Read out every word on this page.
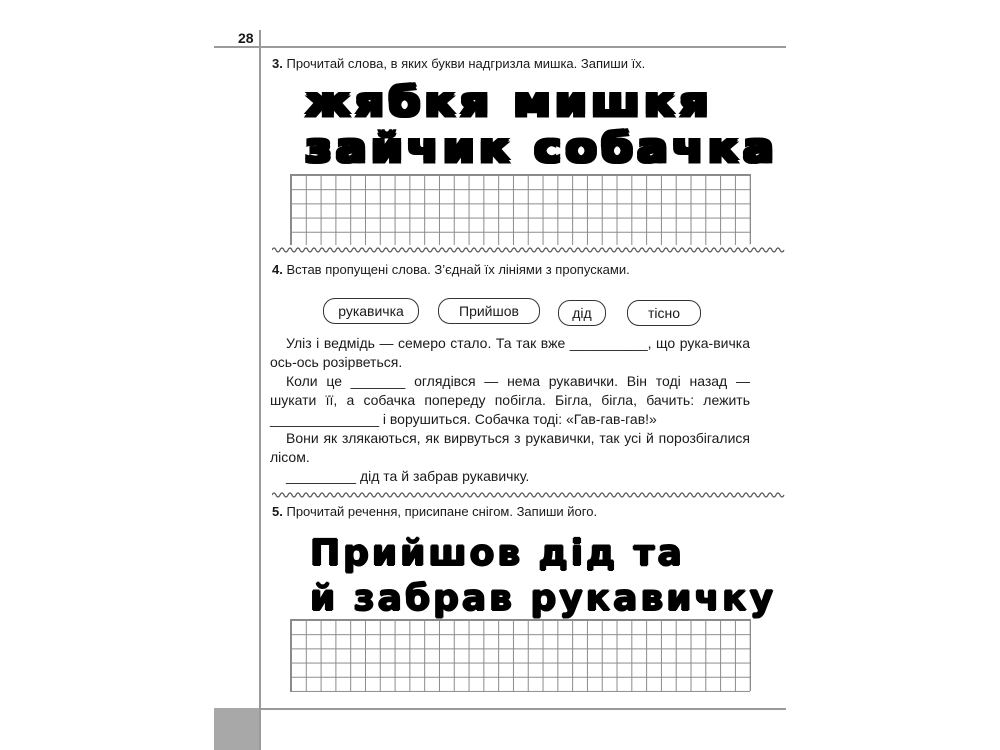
28
3. Прочитай слова, в яких букви надгризла мишка. Запиши їх.
жябкя мишкя
зайчик собачка
4. Встав пропущені слова. З’єднай їх лініями з пропусками.
рукавичка	Прийшов	дід	тісно

Уліз і ведмідь — семеро стало. Та так вже __________, що рука-вичка ось-ось розірветься.

Коли це _______ оглядівся — нема рукавички. Він тоді назад — шукати її, а собачка попереду побігла. Бігла, бігла, бачить: лежить ______________ і ворушиться. Собачка тоді: «Гав-гав-гав!»

Вони як злякаються, як вирвуться з рукавички, так усі й порозбігалися лісом.

_________ дід та й забрав рукавичку.

5. Прочитай речення, присипане снігом. Запиши його.
Прийшов дід та
й забрав рукавичку
